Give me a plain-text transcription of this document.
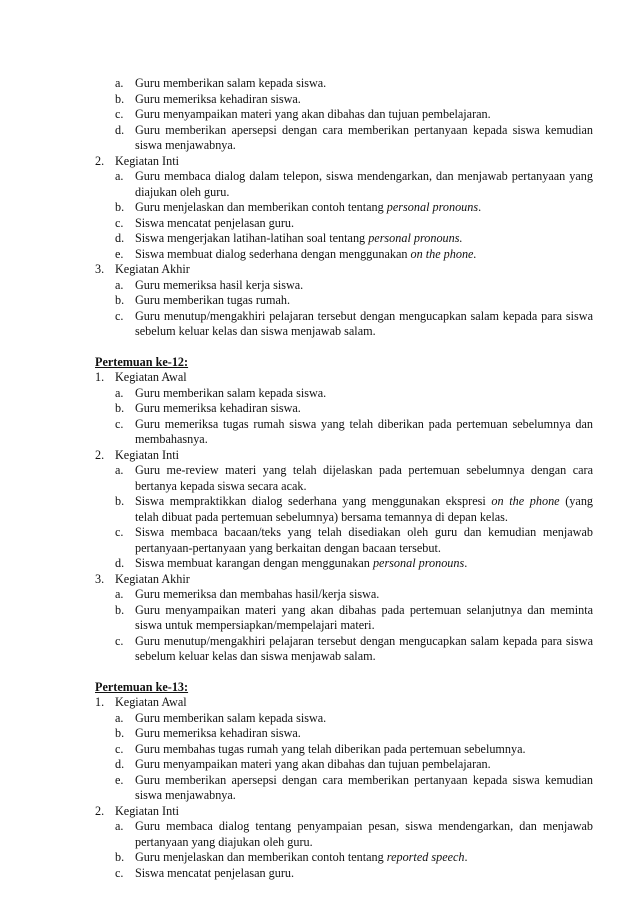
a. Guru memberikan salam kepada siswa.
b. Guru memeriksa kehadiran siswa.
c. Guru menyampaikan materi yang akan dibahas dan tujuan pembelajaran.
d. Guru memberikan apersepsi dengan cara memberikan pertanyaan kepada siswa kemudian siswa menjawabnya.
2. Kegiatan Inti
a. Guru membaca dialog dalam telepon, siswa mendengarkan, dan menjawab pertanyaan yang diajukan oleh guru.
b. Guru menjelaskan dan memberikan contoh tentang personal pronouns.
c. Siswa mencatat penjelasan guru.
d. Siswa mengerjakan latihan-latihan soal tentang personal pronouns.
e. Siswa membuat dialog sederhana dengan menggunakan on the phone.
3. Kegiatan Akhir
a. Guru memeriksa hasil kerja siswa.
b. Guru memberikan tugas rumah.
c. Guru menutup/mengakhiri pelajaran tersebut dengan mengucapkan salam kepada para siswa sebelum keluar kelas dan siswa menjawab salam.
Pertemuan ke-12:
1. Kegiatan Awal
a. Guru memberikan salam kepada siswa.
b. Guru memeriksa kehadiran siswa.
c. Guru memeriksa tugas rumah siswa yang telah diberikan pada pertemuan sebelumnya dan membahasnya.
2. Kegiatan Inti
a. Guru me-review materi yang telah dijelaskan pada pertemuan sebelumnya dengan cara bertanya kepada siswa secara acak.
b. Siswa mempraktikkan dialog sederhana yang menggunakan ekspresi on the phone (yang telah dibuat pada pertemuan sebelumnya) bersama temannya di depan kelas.
c. Siswa membaca bacaan/teks yang telah disediakan oleh guru dan kemudian menjawab pertanyaan-pertanyaan yang berkaitan dengan bacaan tersebut.
d. Siswa membuat karangan dengan menggunakan personal pronouns.
3. Kegiatan Akhir
a. Guru memeriksa dan membahas hasil/kerja siswa.
b. Guru menyampaikan materi yang akan dibahas pada pertemuan selanjutnya dan meminta siswa untuk mempersiapkan/mempelajari materi.
c. Guru menutup/mengakhiri pelajaran tersebut dengan mengucapkan salam kepada para siswa sebelum keluar kelas dan siswa menjawab salam.
Pertemuan ke-13:
1. Kegiatan Awal
a. Guru memberikan salam kepada siswa.
b. Guru memeriksa kehadiran siswa.
c. Guru membahas tugas rumah yang telah diberikan pada pertemuan sebelumnya.
d. Guru menyampaikan materi yang akan dibahas dan tujuan pembelajaran.
e. Guru memberikan apersepsi dengan cara memberikan pertanyaan kepada siswa kemudian siswa menjawabnya.
2. Kegiatan Inti
a. Guru membaca dialog tentang penyampaian pesan, siswa mendengarkan, dan menjawab pertanyaan yang diajukan oleh guru.
b. Guru menjelaskan dan memberikan contoh tentang reported speech.
c. Siswa mencatat penjelasan guru.
